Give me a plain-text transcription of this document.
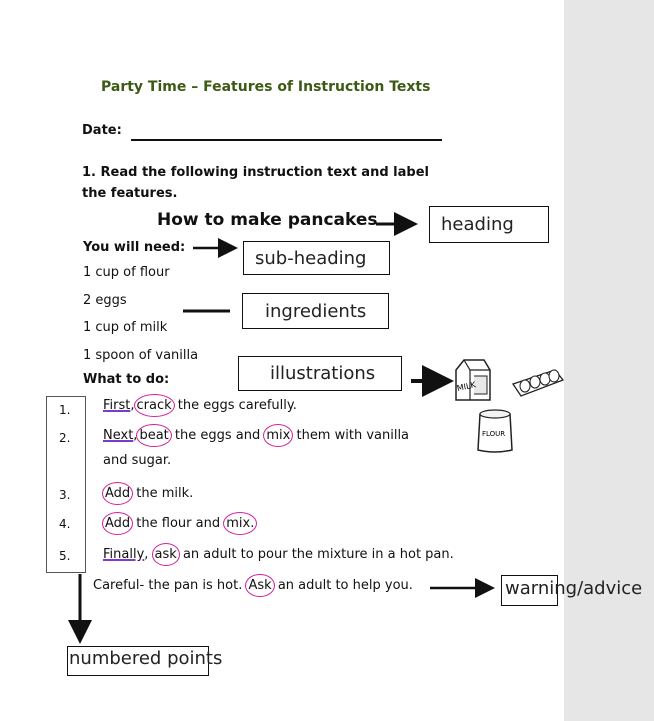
Party Time – Features of Instruction Texts
Date:
1. Read the following instruction text and label
the features.
How to make pancakes
You will need:
1 cup of flour
2 eggs
1 cup of milk
1 spoon of vanilla
What to do:
1.
2.
3.
4.
5.
First, crack the eggs carefully.
Next, beat the eggs and mix them with vanilla
and sugar.
Add the milk.
Add the flour and mix.
Finally, ask an adult to pour the mixture in a hot pan.
Careful- the pan is hot. Ask an adult to help you.
heading
sub-heading
ingredients
illustrations
warning/advice
numbered points
MILK
FLOUR
